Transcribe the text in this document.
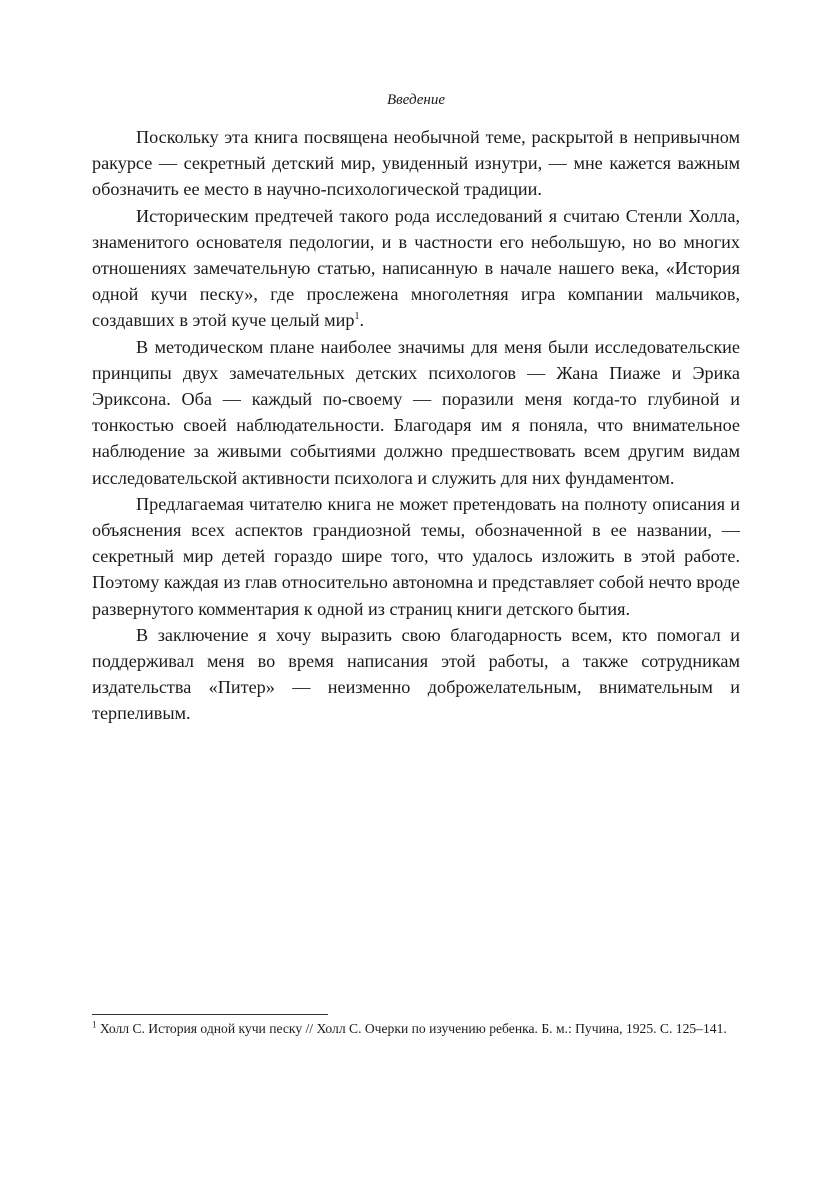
Введение

Поскольку эта книга посвящена необычной теме, раскрытой в непривычном ракурсе — секретный детский мир, увиденный изнутри, — мне кажется важным обозначить ее место в научно-психологической традиции.

Историческим предтечей такого рода исследований я считаю Стенли Холла, знаменитого основателя педологии, и в частности его небольшую, но во многих отношениях замечательную статью, написанную в начале нашего века, «История одной кучи песку», где прослежена многолетняя игра компании мальчиков, создавших в этой куче целый мир$^1$.

В методическом плане наиболее значимы для меня были исследовательские принципы двух замечательных детских психологов — Жана Пиаже и Эрика Эриксона. Оба — каждый по-своему — поразили меня когда-то глубиной и тонкостью своей наблюдательности. Благодаря им я поняла, что внимательное наблюдение за живыми событиями должно предшествовать всем другим видам исследовательской активности психолога и служить для них фундаментом.

Предлагаемая читателю книга не может претендовать на полноту описания и объяснения всех аспектов грандиозной темы, обозначенной в ее названии, — секретный мир детей гораздо шире того, что удалось изложить в этой работе. Поэтому каждая из глав относительно автономна и представляет собой нечто вроде развернутого комментария к одной из страниц книги детского бытия.

В заключение я хочу выразить свою благодарность всем, кто помогал и поддерживал меня во время написания этой работы, а также сотрудникам издательства «Питер» — неизменно доброжелательным, внимательным и терпеливым.

$^1$ Холл С. История одной кучи песку // Холл С. Очерки по изучению ребенка. Б. м.: Пучина, 1925. С. 125–141.
